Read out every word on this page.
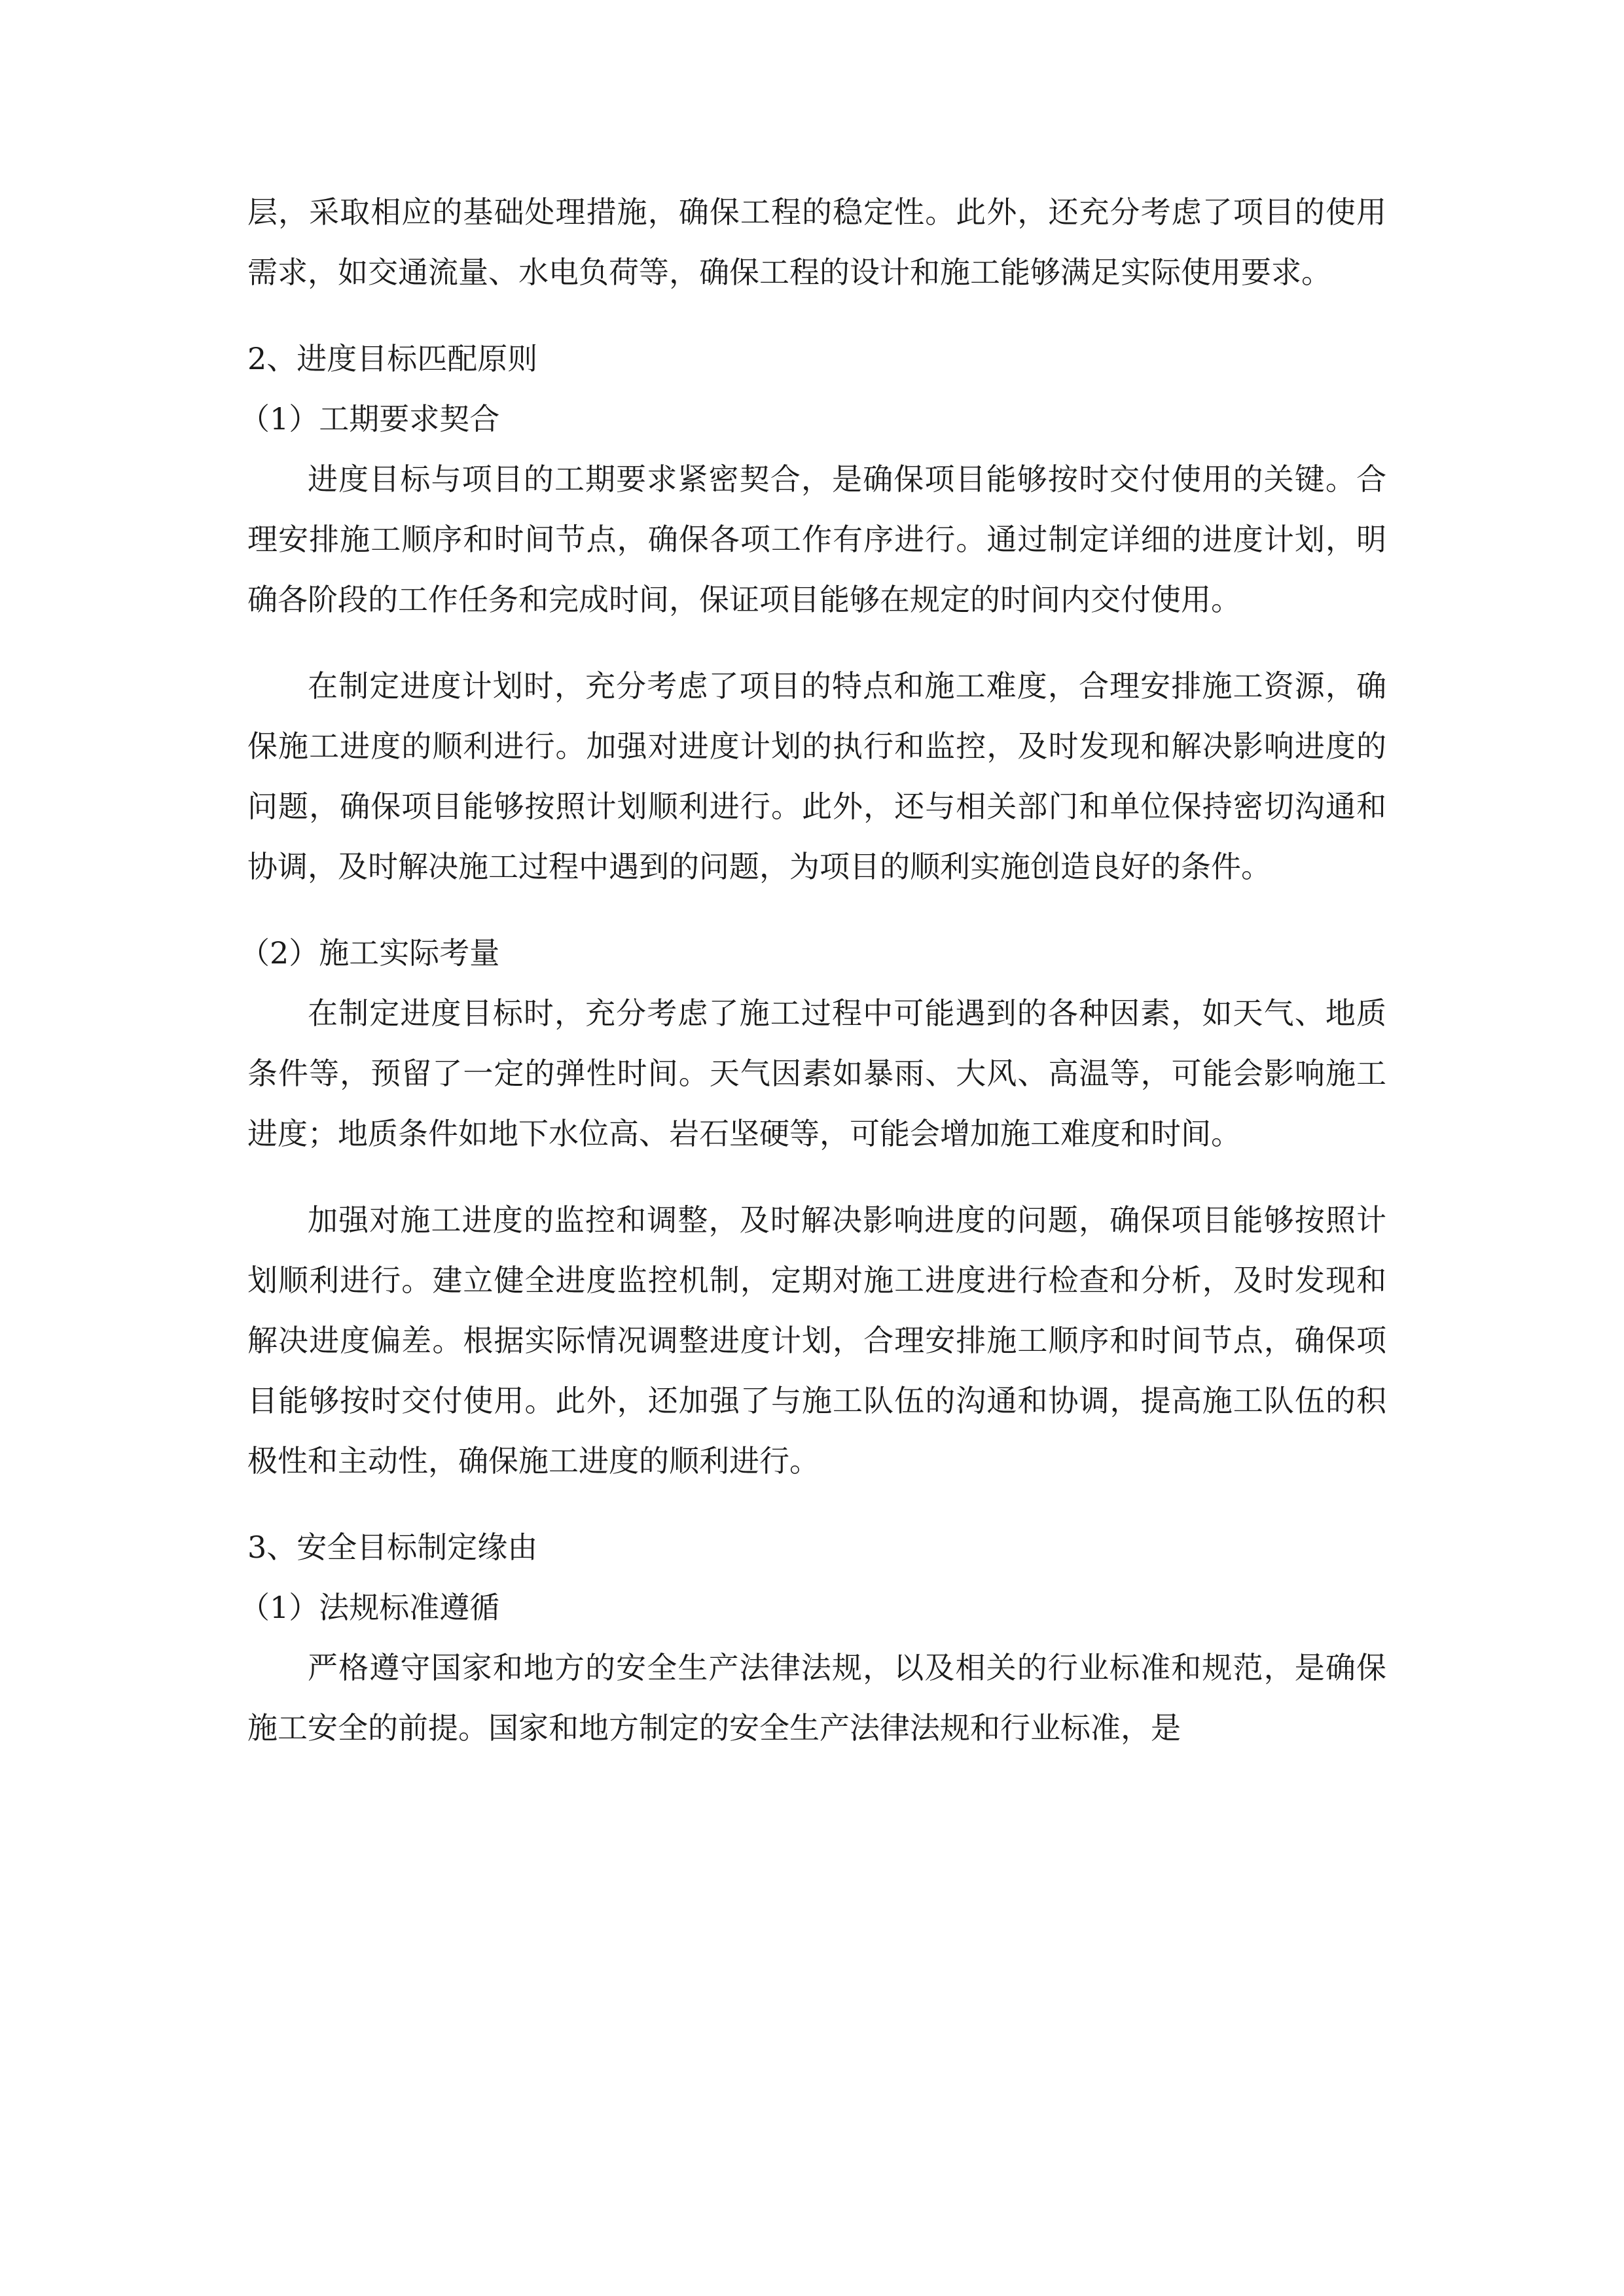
层，采取相应的基础处理措施，确保工程的稳定性。此外，还充分考虑了项目的使用需求，如交通流量、水电负荷等，确保工程的设计和施工能够满足实际使用要求。

2、进度目标匹配原则

（1）工期要求契合

进度目标与项目的工期要求紧密契合，是确保项目能够按时交付使用的关键。合理安排施工顺序和时间节点，确保各项工作有序进行。通过制定详细的进度计划，明确各阶段的工作任务和完成时间，保证项目能够在规定的时间内交付使用。

在制定进度计划时，充分考虑了项目的特点和施工难度，合理安排施工资源，确保施工进度的顺利进行。加强对进度计划的执行和监控，及时发现和解决影响进度的问题，确保项目能够按照计划顺利进行。此外，还与相关部门和单位保持密切沟通和协调，及时解决施工过程中遇到的问题，为项目的顺利实施创造良好的条件。

（2）施工实际考量

在制定进度目标时，充分考虑了施工过程中可能遇到的各种因素，如天气、地质条件等，预留了一定的弹性时间。天气因素如暴雨、大风、高温等，可能会影响施工进度；地质条件如地下水位高、岩石坚硬等，可能会增加施工难度和时间。

加强对施工进度的监控和调整，及时解决影响进度的问题，确保项目能够按照计划顺利进行。建立健全进度监控机制，定期对施工进度进行检查和分析，及时发现和解决进度偏差。根据实际情况调整进度计划，合理安排施工顺序和时间节点，确保项目能够按时交付使用。此外，还加强了与施工队伍的沟通和协调，提高施工队伍的积极性和主动性，确保施工进度的顺利进行。

3、安全目标制定缘由

（1）法规标准遵循

严格遵守国家和地方的安全生产法律法规，以及相关的行业标准和规范，是确保施工安全的前提。国家和地方制定的安全生产法律法规和行业标准，是
